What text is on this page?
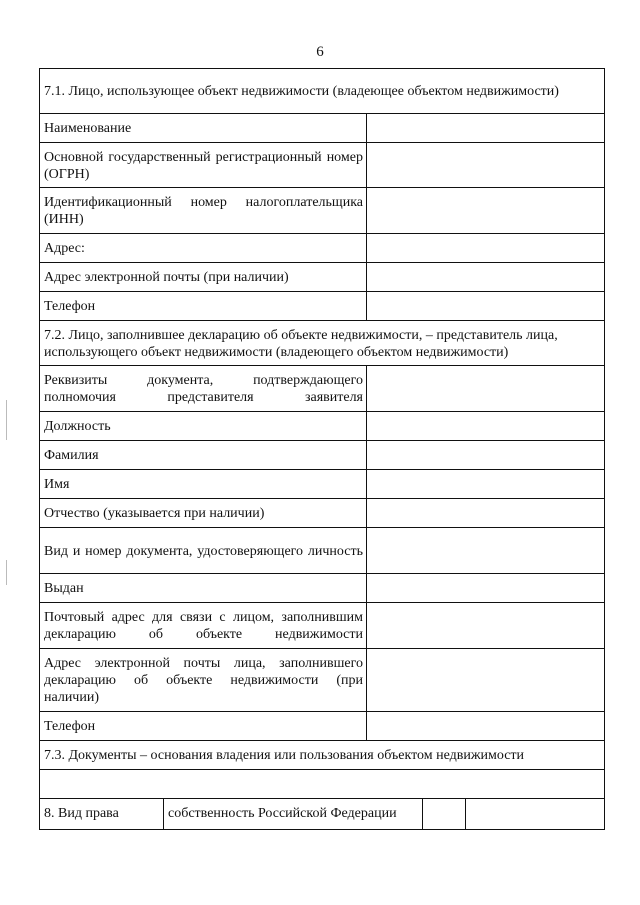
6
7.1. Лицо, использующее объект недвижимости (владеющее объектом недвижимости)
Наименование
Основной государственный регистрационный номер (ОГРН)
Идентификационный номер налогоплательщика (ИНН)
Адрес:
Адрес электронной почты (при наличии)
Телефон
7.2. Лицо, заполнившее декларацию об объекте недвижимости, – представитель лица, использующего объект недвижимости (владеющего объектом недвижимости)
Реквизиты документа, подтверждающего полномочия представителя заявителя
Должность
Фамилия
Имя
Отчество (указывается при наличии)
Вид и номер документа, удостоверяющего личность
Выдан
Почтовый адрес для связи с лицом, заполнившим декларацию об объекте недвижимости
Адрес электронной почты лица, заполнившего декларацию об объекте недвижимости (при наличии)
Телефон
7.3. Документы – основания владения или пользования объектом недвижимости
8. Вид права	собственность Российской Федерации
